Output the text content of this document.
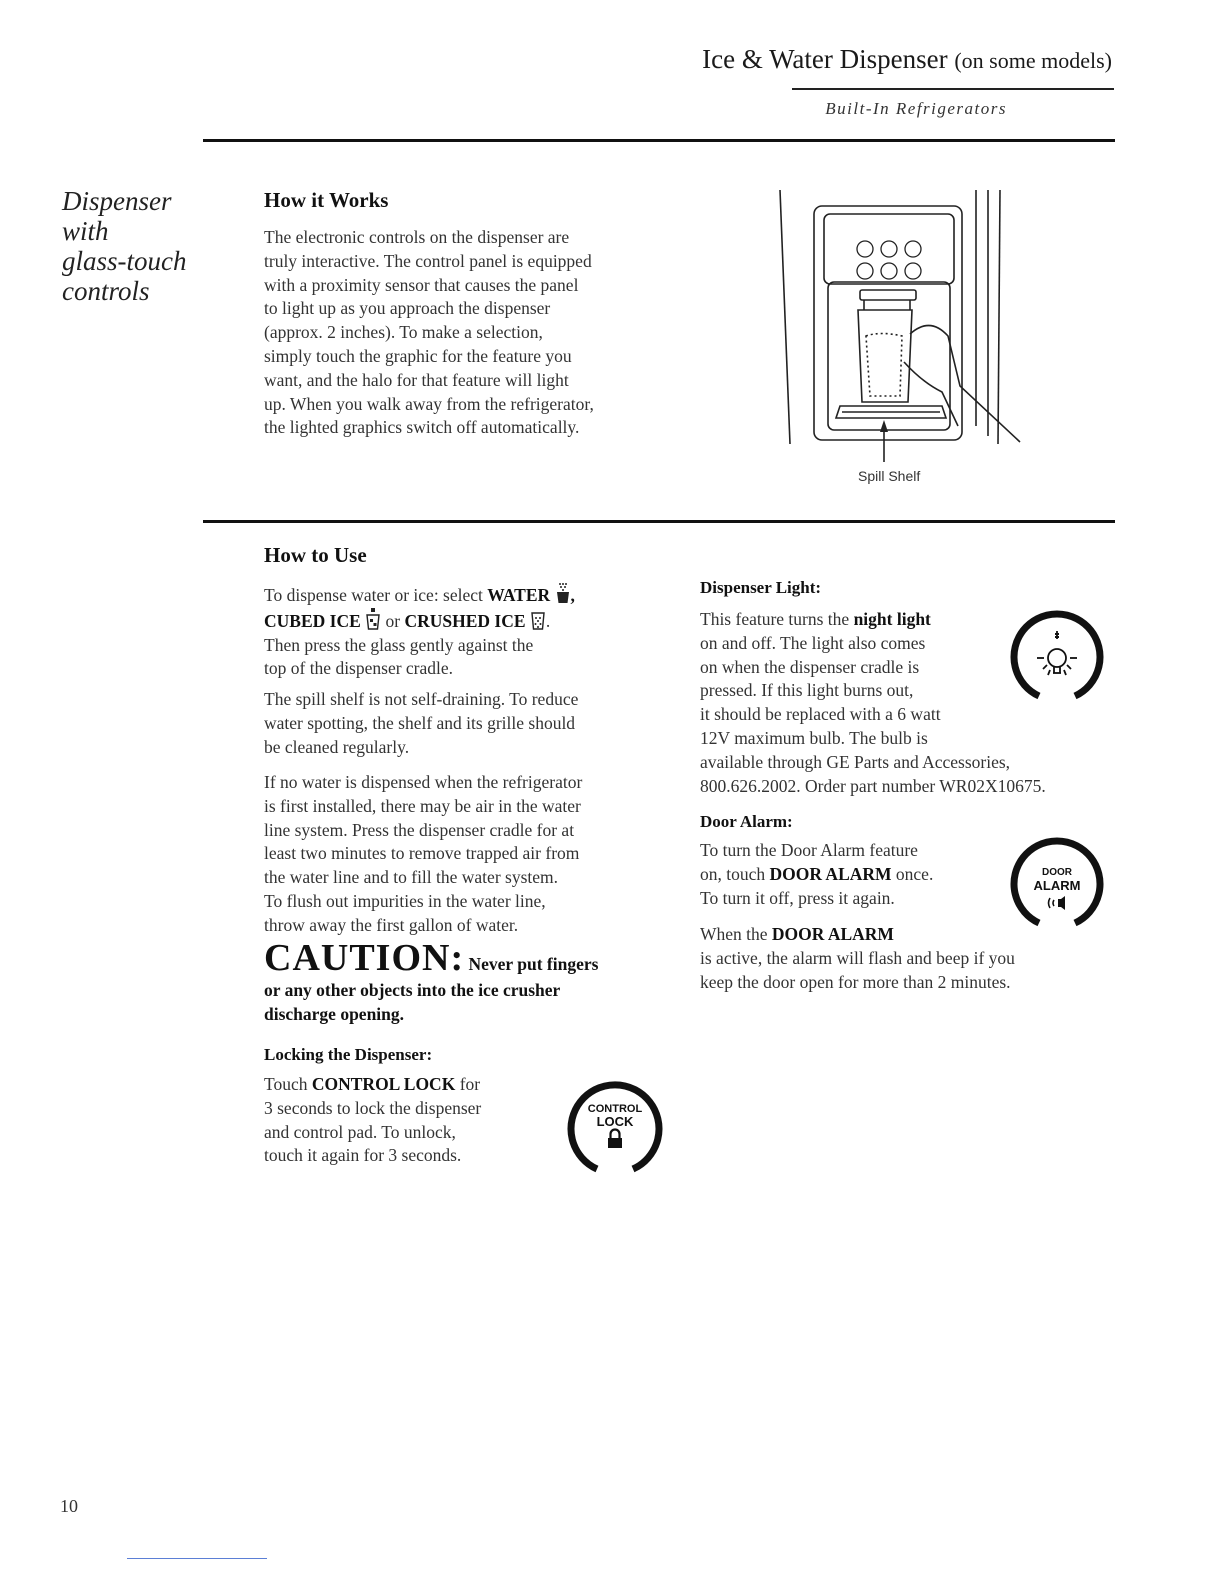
Ice & Water Dispenser (on some models)
Built-In Refrigerators
Dispenser
with
glass-touch
controls
How it Works
The electronic controls on the dispenser are
truly interactive. The control panel is equipped
with a proximity sensor that causes the panel
to light up as you approach the dispenser
(approx. 2 inches). To make a selection,
simply touch the graphic for the feature you
want, and the halo for that feature will light
up. When you walk away from the refrigerator,
the lighted graphics switch off automatically.
Spill Shelf
How to Use
To dispense water or ice: select WATER ,
CUBED ICE  or CRUSHED ICE .
Then press the glass gently against the
top of the dispenser cradle.
The spill shelf is not self-draining. To reduce
water spotting, the shelf and its grille should
be cleaned regularly.
If no water is dispensed when the refrigerator
is first installed, there may be air in the water
line system. Press the dispenser cradle for at
least two minutes to remove trapped air from
the water line and to fill the water system.
To flush out impurities in the water line,
throw away the first gallon of water.
CAUTION: Never put fingers
or any other objects into the ice crusher
discharge opening.
Locking the Dispenser:
Touch CONTROL LOCK for
3 seconds to lock the dispenser
and control pad. To unlock,
touch it again for 3 seconds.
CONTROL
LOCK
Dispenser Light:
This feature turns the night light
on and off. The light also comes
on when the dispenser cradle is
pressed. If this light burns out,
it should be replaced with a 6 watt
12V maximum bulb. The bulb is
available through GE Parts and Accessories,
800.626.2002. Order part number WR02X10675.
Door Alarm:
To turn the Door Alarm feature
on, touch DOOR ALARM once.
To turn it off, press it again.
When the DOOR ALARM
is active, the alarm will flash and beep if you
keep the door open for more than 2 minutes.
DOOR
ALARM
10
